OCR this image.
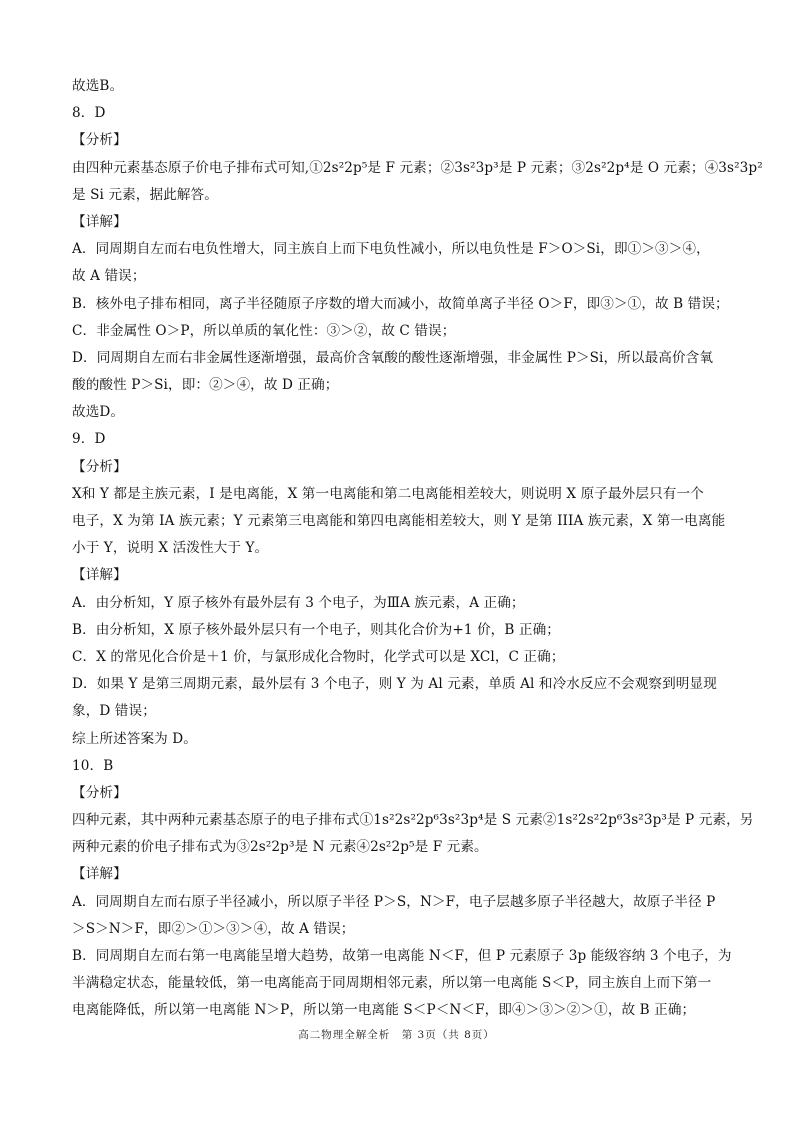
故选B。
8．D
【分析】
由四种元素基态原子价电子排布式可知,①2s²2p⁵是 F 元素；②3s²3p³是 P 元素；③2s²2p⁴是 O 元素；④3s²3p²
是 Si 元素，据此解答。
【详解】
A．同周期自左而右电负性增大，同主族自上而下电负性减小，所以电负性是 F＞O＞Si，即①＞③＞④，
故 A 错误；
B．核外电子排布相同，离子半径随原子序数的增大而减小，故简单离子半径 O＞F，即③＞①，故 B 错误；
C．非金属性 O＞P，所以单质的氧化性：③＞②，故 C 错误；
D．同周期自左而右非金属性逐渐增强，最高价含氧酸的酸性逐渐增强，非金属性 P＞Si，所以最高价含氧
酸的酸性 P＞Si，即：②＞④，故 D 正确；
故选D。
9．D
【分析】
X和 Y 都是主族元素，I 是电离能，X 第一电离能和第二电离能相差较大，则说明 X 原子最外层只有一个
电子，X 为第 IA 族元素；Y 元素第三电离能和第四电离能相差较大，则 Y 是第 IIIA 族元素，X 第一电离能
小于 Y，说明 X 活泼性大于 Y。
【详解】
A．由分析知，Y 原子核外有最外层有 3 个电子，为ⅢA 族元素，A 正确；
B．由分析知，X 原子核外最外层只有一个电子，则其化合价为+1 价，B 正确；
C．X 的常见化合价是＋1 价，与氯形成化合物时，化学式可以是 XCl，C 正确；
D．如果 Y 是第三周期元素，最外层有 3 个电子，则 Y 为 Al 元素，单质 Al 和冷水反应不会观察到明显现
象，D 错误；
综上所述答案为 D。
10．B
【分析】
四种元素，其中两种元素基态原子的电子排布式①1s²2s²2p⁶3s²3p⁴是 S 元素②1s²2s²2p⁶3s²3p³是 P 元素，另
两种元素的价电子排布式为③2s²2p³是 N 元素④2s²2p⁵是 F 元素。
【详解】
A．同周期自左而右原子半径减小，所以原子半径 P＞S，N＞F，电子层越多原子半径越大，故原子半径 P
＞S＞N＞F，即②＞①＞③＞④，故 A 错误；
B．同周期自左而右第一电离能呈增大趋势，故第一电离能 N＜F，但 P 元素原子 3p 能级容纳 3 个电子，为
半满稳定状态，能量较低，第一电离能高于同周期相邻元素，所以第一电离能 S＜P，同主族自上而下第一
电离能降低，所以第一电离能 N＞P，所以第一电离能 S＜P＜N＜F，即④＞③＞②＞①，故 B 正确；
高二物理全解全析　第 3页（共 8页）
